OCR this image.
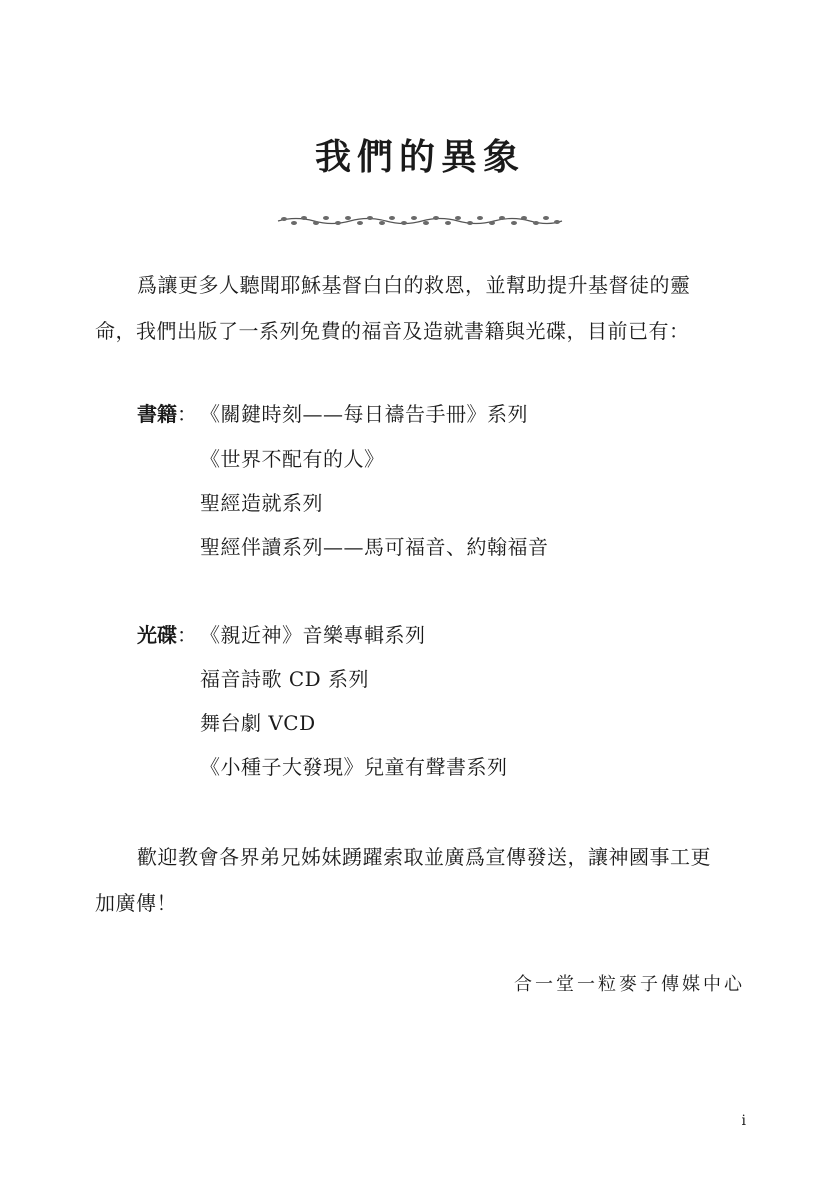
我們的異象
爲讓更多人聽聞耶穌基督白白的救恩，並幫助提升基督徒的靈
命，我們出版了一系列免費的福音及造就書籍與光碟，目前已有：
書籍： 《關鍵時刻——每日禱告手冊》系列
《世界不配有的人》
聖經造就系列
聖經伴讀系列——馬可福音、約翰福音
光碟： 《親近神》音樂專輯系列
福音詩歌 CD 系列
舞台劇 VCD
《小種子大發現》兒童有聲書系列
歡迎教會各界弟兄姊妹踴躍索取並廣爲宣傳發送，讓神國事工更
加廣傳！
合一堂一粒麥子傳媒中心
i
